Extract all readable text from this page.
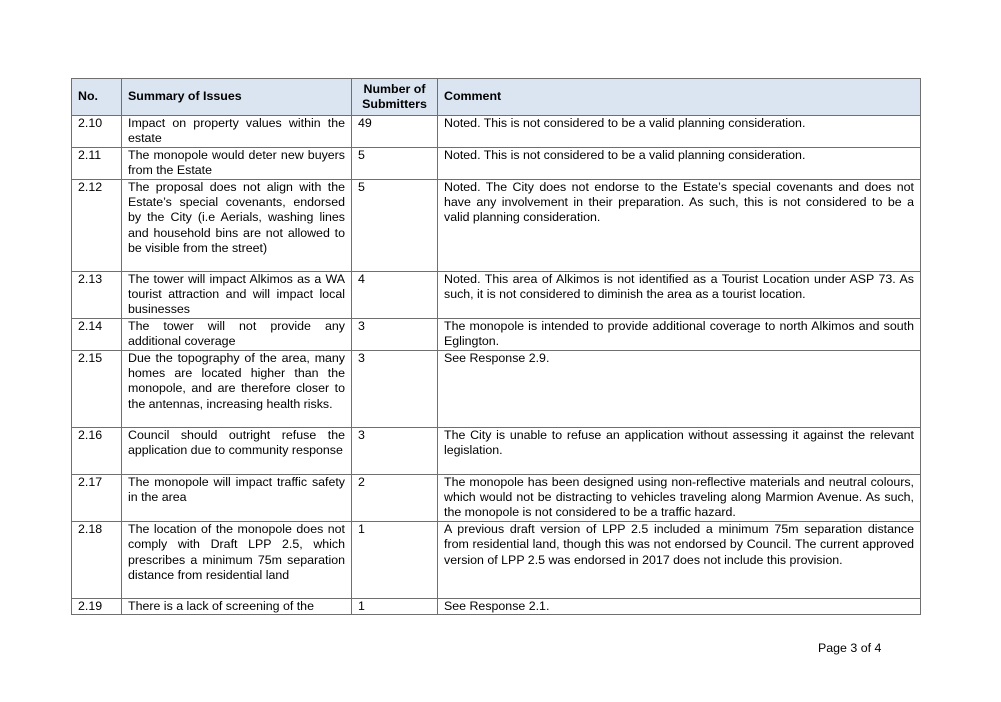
No.	Summary of Issues	Number of Submitters	Comment
2.10	Impact on property values within the estate	49	Noted. This is not considered to be a valid planning consideration.
2.11	The monopole would deter new buyers from the Estate	5	Noted. This is not considered to be a valid planning consideration.
2.12	The proposal does not align with the Estate’s special covenants, endorsed by the City (i.e Aerials, washing lines and household bins are not allowed to be visible from the street)	5	Noted. The City does not endorse to the Estate’s special covenants and does not have any involvement in their preparation. As such, this is not considered to be a valid planning consideration.
2.13	The tower will impact Alkimos as a WA tourist attraction and will impact local businesses	4	Noted. This area of Alkimos is not identified as a Tourist Location under ASP 73. As such, it is not considered to diminish the area as a tourist location.
2.14	The tower will not provide any additional coverage	3	The monopole is intended to provide additional coverage to north Alkimos and south Eglington.
2.15	Due the topography of the area, many homes are located higher than the monopole, and are therefore closer to the antennas, increasing health risks.	3	See Response 2.9.
2.16	Council should outright refuse the application due to community response	3	The City is unable to refuse an application without assessing it against the relevant legislation.
2.17	The monopole will impact traffic safety in the area	2	The monopole has been designed using non-reflective materials and neutral colours, which would not be distracting to vehicles traveling along Marmion Avenue. As such, the monopole is not considered to be a traffic hazard.
2.18	The location of the monopole does not comply with Draft LPP 2.5, which prescribes a minimum 75m separation distance from residential land	1	A previous draft version of LPP 2.5 included a minimum 75m separation distance from residential land, though this was not endorsed by Council. The current approved version of LPP 2.5 was endorsed in 2017 does not include this provision.
2.19	There is a lack of screening of the	1	See Response 2.1.
Page 3 of 4
